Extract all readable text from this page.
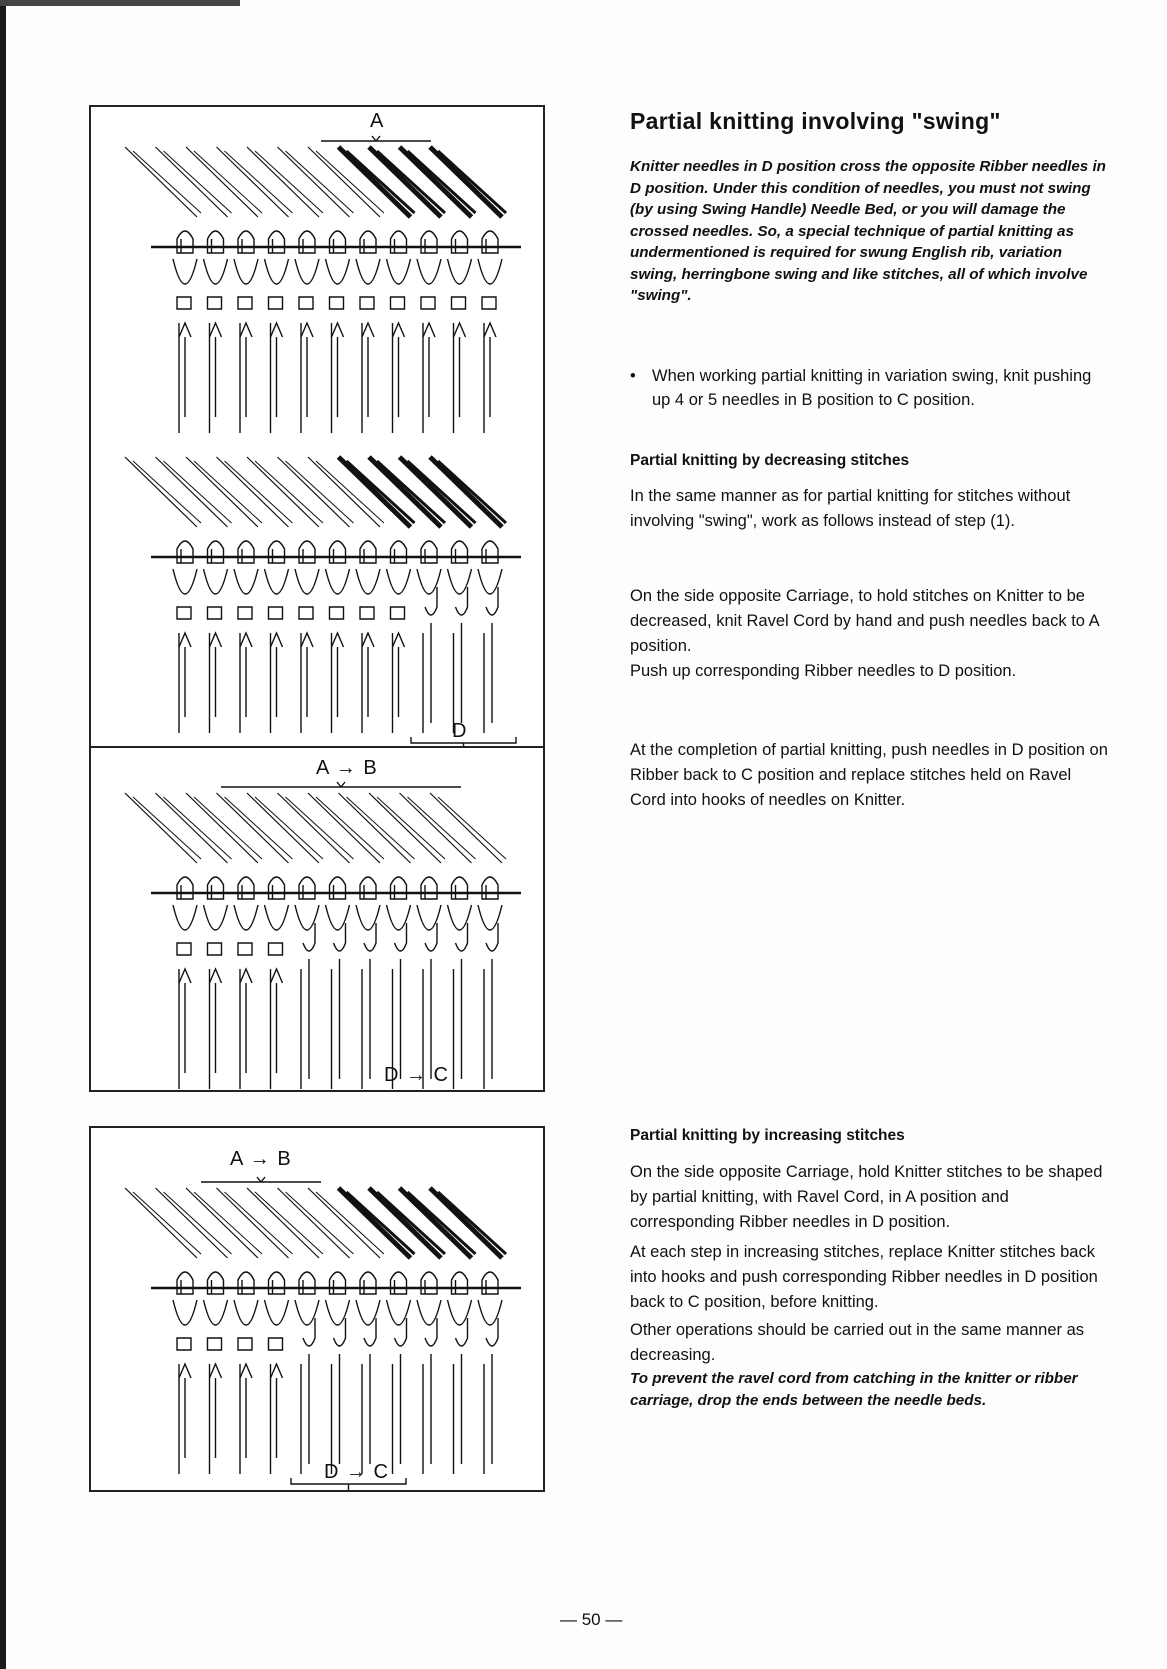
A
D
A → B
D → C
A → B
D → C
Partial knitting involving "swing"

Knitter needles in D position cross the opposite Ribber needles in D position. Under this condition of needles, you must not swing (by using Swing Handle) Needle Bed, or you will damage the crossed needles. So, a special technique of partial knitting as undermentioned is required for swung English rib, variation swing, herringbone swing and like stitches, all of which involve "swing".

• When working partial knitting in variation swing, knit pushing up 4 or 5 needles in B position to C position.

Partial knitting by decreasing stitches

In the same manner as for partial knitting for stitches without involving "swing", work as follows instead of step (1).

On the side opposite Carriage, to hold stitches on Knitter to be decreased, knit Ravel Cord by hand and push needles back to A position.

Push up corresponding Ribber needles to D position.

At the completion of partial knitting, push needles in D position on Ribber back to C position and replace stitches held on Ravel Cord into hooks of needles on Knitter.

Partial knitting by increasing stitches

On the side opposite Carriage, hold Knitter stitches to be shaped by partial knitting, with Ravel Cord, in A position and corresponding Ribber needles in D position.

At each step in increasing stitches, replace Knitter stitches back into hooks and push corresponding Ribber needles in D position back to C position, before knitting.

Other operations should be carried out in the same manner as decreasing.

To prevent the ravel cord from catching in the knitter or ribber carriage, drop the ends between the needle beds.

— 50 —
